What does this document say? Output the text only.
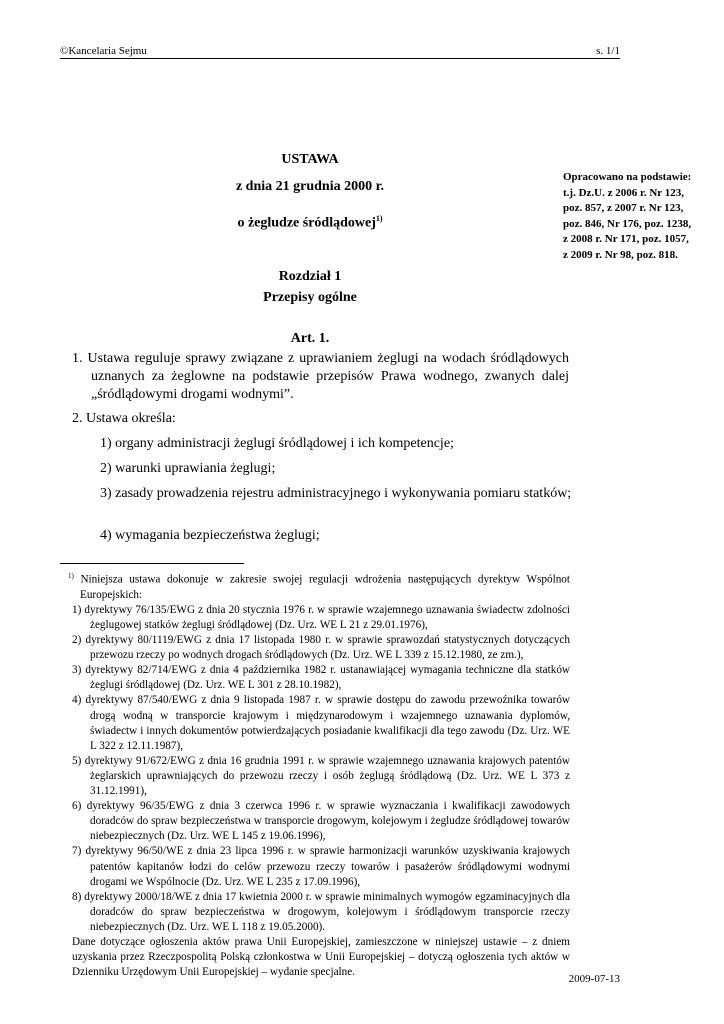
©Kancelaria Sejmu	s. 1/1
USTAWA
z dnia 21 grudnia 2000 r.
o żegludze śródlądowej$^{1)}$
Opracowano na podstawie: t.j. Dz.U. z 2006 r. Nr 123, poz. 857, z 2007 r. Nr 123, poz. 846, Nr 176, poz. 1238, z 2008 r. Nr 171, poz. 1057, z 2009 r. Nr 98, poz. 818.
Rozdział 1
Przepisy ogólne
Art. 1.
1. Ustawa reguluje sprawy związane z uprawianiem żeglugi na wodach śródlądowych uznanych za żeglowne na podstawie przepisów Prawa wodnego, zwanych dalej „śródlądowymi drogami wodnymi”.
2. Ustawa określa:
1) organy administracji żeglugi śródlądowej i ich kompetencje;
2) warunki uprawiania żeglugi;
3) zasady prowadzenia rejestru administracyjnego i wykonywania pomiaru statków;
4) wymagania bezpieczeństwa żeglugi;
$^{1)}$ Niniejsza ustawa dokonuje w zakresie swojej regulacji wdrożenia następujących dyrektyw Wspólnot Europejskich:
1) dyrektywy 76/135/EWG z dnia 20 stycznia 1976 r. w sprawie wzajemnego uznawania świadectw zdolności żeglugowej statków żeglugi śródlądowej (Dz. Urz. WE L 21 z 29.01.1976),
2) dyrektywy 80/1119/EWG z dnia 17 listopada 1980 r. w sprawie sprawozdań statystycznych dotyczących przewozu rzeczy po wodnych drogach śródlądowych (Dz. Urz. WE L 339 z 15.12.1980, ze zm.),
3) dyrektywy 82/714/EWG z dnia 4 października 1982 r. ustanawiającej wymagania techniczne dla statków żeglugi śródlądowej (Dz. Urz. WE L 301 z 28.10.1982),
4) dyrektywy 87/540/EWG z dnia 9 listopada 1987 r. w sprawie dostępu do zawodu przewoźnika towarów drogą wodną w transporcie krajowym i międzynarodowym i wzajemnego uznawania dyplomów, świadectw i innych dokumentów potwierdzających posiadanie kwalifikacji dla tego zawodu (Dz. Urz. WE L 322 z 12.11.1987),
5) dyrektywy 91/672/EWG z dnia 16 grudnia 1991 r. w sprawie wzajemnego uznawania krajowych patentów żeglarskich uprawniających do przewozu rzeczy i osób żeglugą śródlądową (Dz. Urz. WE L 373 z 31.12.1991),
6) dyrektywy 96/35/EWG z dnia 3 czerwca 1996 r. w sprawie wyznaczania i kwalifikacji zawodowych doradców do spraw bezpieczeństwa w transporcie drogowym, kolejowym i żegludze śródlądowej towarów niebezpiecznych (Dz. Urz. WE L 145 z 19.06.1996),
7) dyrektywy 96/50/WE z dnia 23 lipca 1996 r. w sprawie harmonizacji warunków uzyskiwania krajowych patentów kapitanów łodzi do celów przewozu rzeczy towarów i pasażerów śródlądowymi wodnymi drogami we Wspólnocie (Dz. Urz. WE L 235 z 17.09.1996),
8) dyrektywy 2000/18/WE z dnia 17 kwietnia 2000 r. w sprawie minimalnych wymogów egzaminacyjnych dla doradców do spraw bezpieczeństwa w drogowym, kolejowym i śródlądowym transporcie rzeczy niebezpiecznych (Dz. Urz. WE L 118 z 19.05.2000).
Dane dotyczące ogłoszenia aktów prawa Unii Europejskiej, zamieszczone w niniejszej ustawie – z dniem uzyskania przez Rzeczpospolitą Polską członkostwa w Unii Europejskiej – dotyczą ogłoszenia tych aktów w Dzienniku Urzędowym Unii Europejskiej – wydanie specjalne.
2009-07-13
